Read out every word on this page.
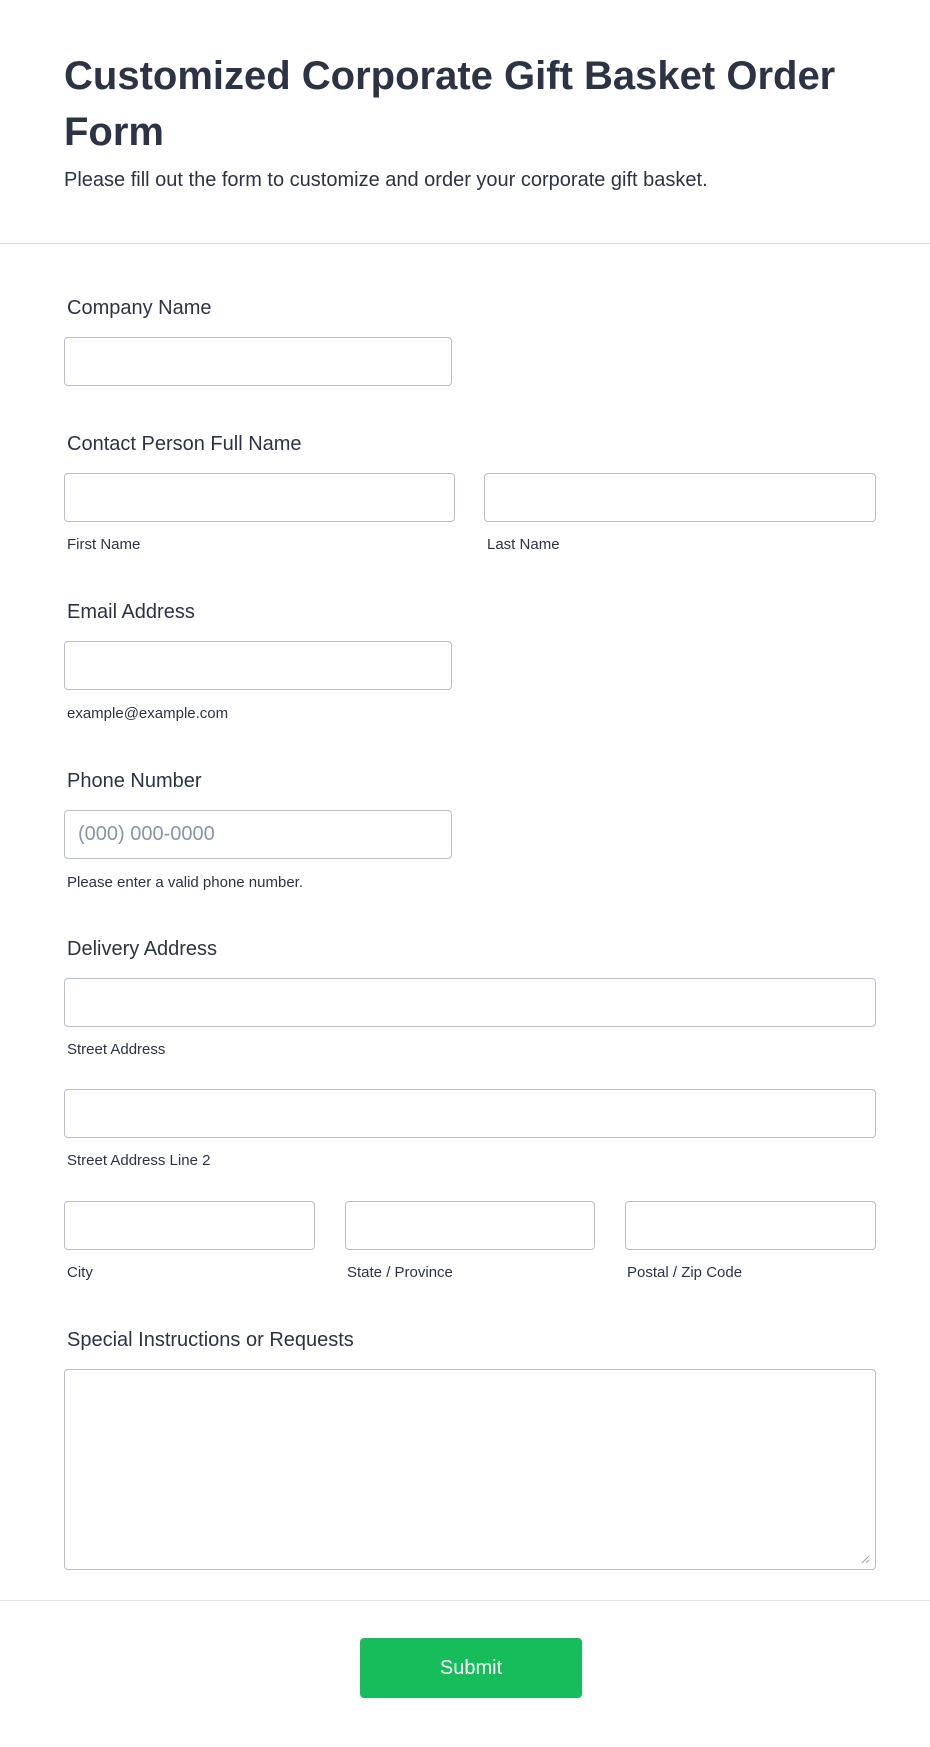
Customized Corporate Gift Basket Order Form

Please fill out the form to customize and order your corporate gift basket.

Company Name
Contact Person Full Name
First Name	Last Name
Email Address
example@example.com
Phone Number
(000) 000-0000
Please enter a valid phone number.
Delivery Address
Street Address
Street Address Line 2
City	State / Province	Postal / Zip Code
Special Instructions or Requests
Submit
